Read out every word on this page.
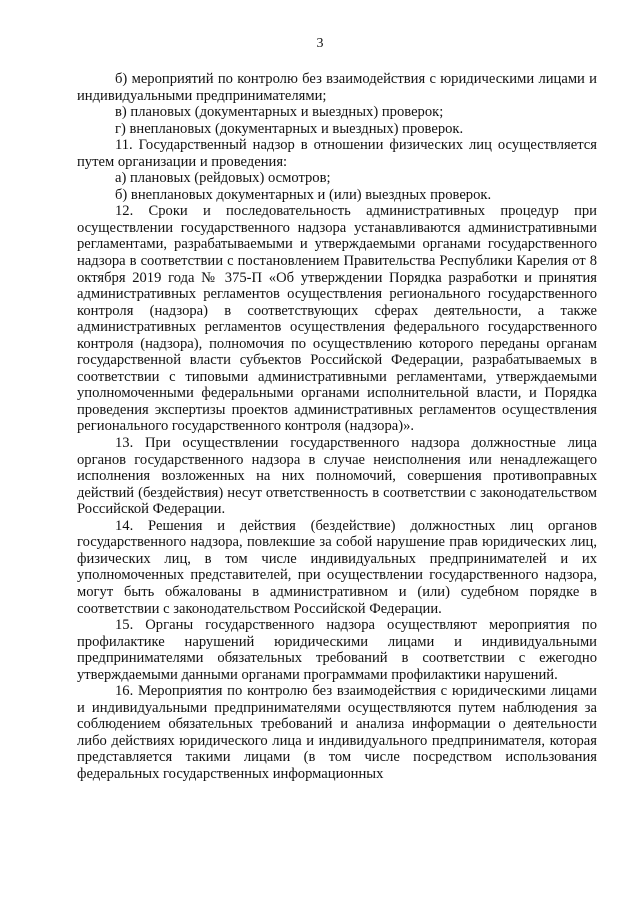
3

б) мероприятий по контролю без взаимодействия с юридическими лицами и индивидуальными предпринимателями;

в) плановых (документарных и выездных) проверок;

г) внеплановых (документарных и выездных) проверок.

11. Государственный надзор в отношении физических лиц осуществляется путем организации и проведения:

а) плановых (рейдовых) осмотров;

б) внеплановых документарных и (или) выездных проверок.

12. Сроки и последовательность административных процедур при осуществлении государственного надзора устанавливаются административными регламентами, разрабатываемыми и утверждаемыми органами государственного надзора в соответствии с постановлением Правительства Республики Карелия от 8 октября 2019 года № 375-П «Об утверждении Порядка разработки и принятия административных регламентов осуществления регионального государственного контроля (надзора) в соответствующих сферах деятельности, а также административных регламентов осуществления федерального государственного контроля (надзора), полномочия по осуществлению которого переданы органам государственной власти субъектов Российской Федерации, разрабатываемых в соответствии с типовыми административными регламентами, утверждаемыми уполномоченными федеральными органами исполнительной власти, и Порядка проведения экспертизы проектов административных регламентов осуществления регионального государственного контроля (надзора)».

13. При осуществлении государственного надзора должностные лица органов государственного надзора в случае неисполнения или ненадлежащего исполнения возложенных на них полномочий, совершения противоправных действий (бездействия) несут ответственность в соответствии с законодательством Российской Федерации.

14. Решения и действия (бездействие) должностных лиц органов государственного надзора, повлекшие за собой нарушение прав юридических лиц, физических лиц, в том числе индивидуальных предпринимателей и их уполномоченных представителей, при осуществлении государственного надзора, могут быть обжалованы в административном и (или) судебном порядке в соответствии с законодательством Российской Федерации.

15. Органы государственного надзора осуществляют мероприятия по профилактике нарушений юридическими лицами и индивидуальными предпринимателями обязательных требований в соответствии с ежегодно утверждаемыми данными органами программами профилактики нарушений.

16. Мероприятия по контролю без взаимодействия с юридическими лицами и индивидуальными предпринимателями осуществляются путем наблюдения за соблюдением обязательных требований и анализа информации о деятельности либо действиях юридического лица и индивидуального предпринимателя, которая представляется такими лицами (в том числе посредством использования федеральных государственных информационных
